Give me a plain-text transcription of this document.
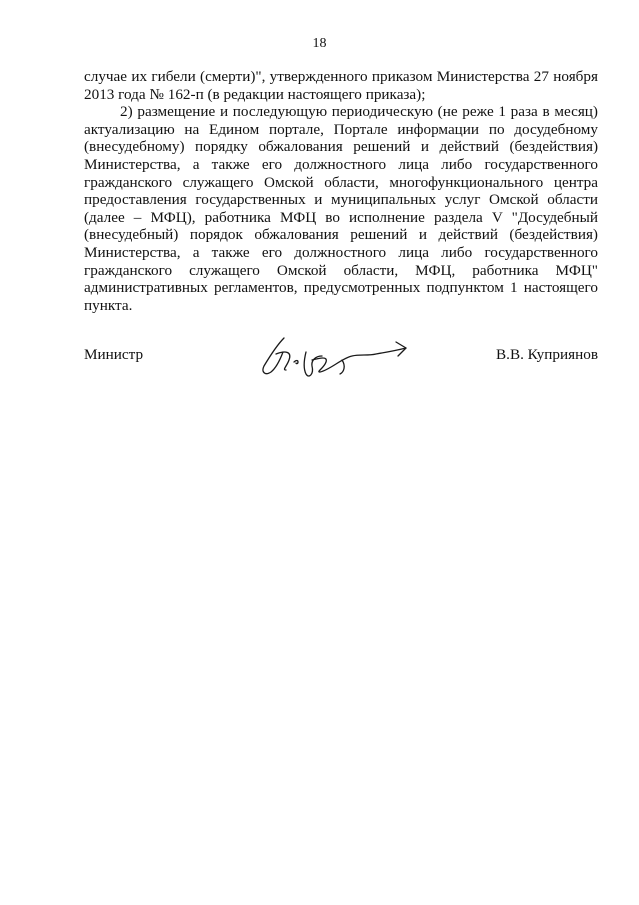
18

случае их гибели (смерти)", утвержденного приказом Министерства 27 ноября 2013 года № 162-п (в редакции настоящего приказа);

2) размещение и последующую периодическую (не реже 1 раза в месяц) актуализацию на Едином портале, Портале информации по досудебному (внесудебному) порядку обжалования решений и действий (бездействия) Министерства, а также его должностного лица либо государственного гражданского служащего Омской области, многофункционального центра предоставления государственных и муниципальных услуг Омской области (далее – МФЦ), работника МФЦ во исполнение раздела V "Досудебный (внесудебный) порядок обжалования решений и действий (бездействия) Министерства, а также его должностного лица либо государственного гражданского служащего Омской области, МФЦ, работника МФЦ" административных регламентов, предусмотренных подпунктом 1 настоящего пункта.

Министр	В.В. Куприянов
